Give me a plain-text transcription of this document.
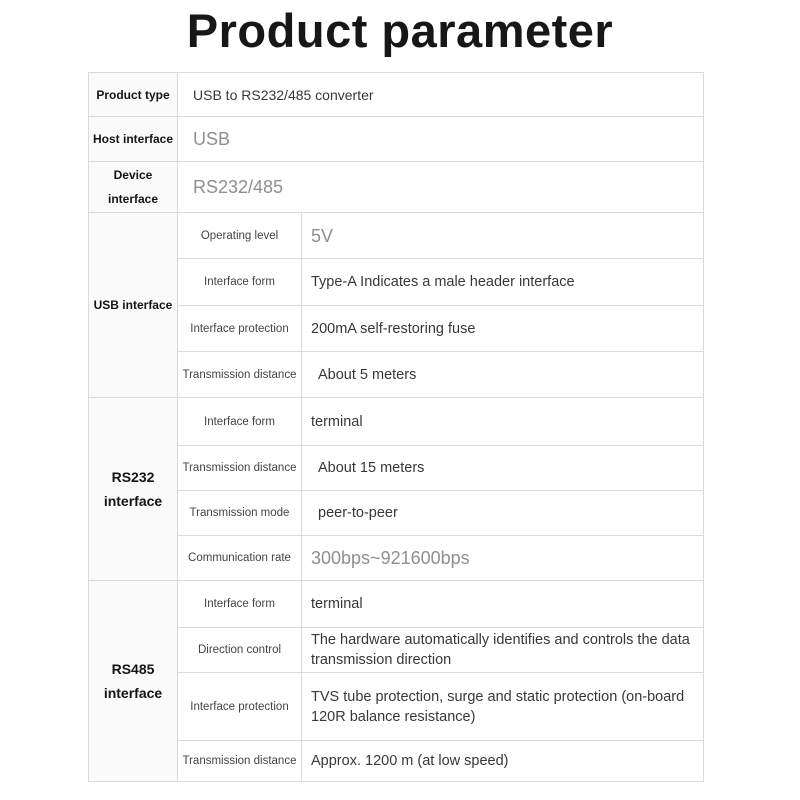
Product parameter
Product type	USB to RS232/485 converter	
Host interface	USB	
Device interface	RS232/485	
USB interface	Operating level	5V
	Interface form	Type-A Indicates a male header interface
	Interface protection	200mA self-restoring fuse
	Transmission distance	About 5 meters
RS232 interface	Interface form	terminal
	Transmission distance	About 15 meters
	Transmission mode	peer-to-peer
	Communication rate	300bps~921600bps
RS485 interface	Interface form	terminal
	Direction control	The hardware automatically identifies and controls the data transmission direction
	Interface protection	TVS tube protection, surge and static protection (on-board 120R balance resistance)
	Transmission distance	Approx. 1200 m (at low speed)
